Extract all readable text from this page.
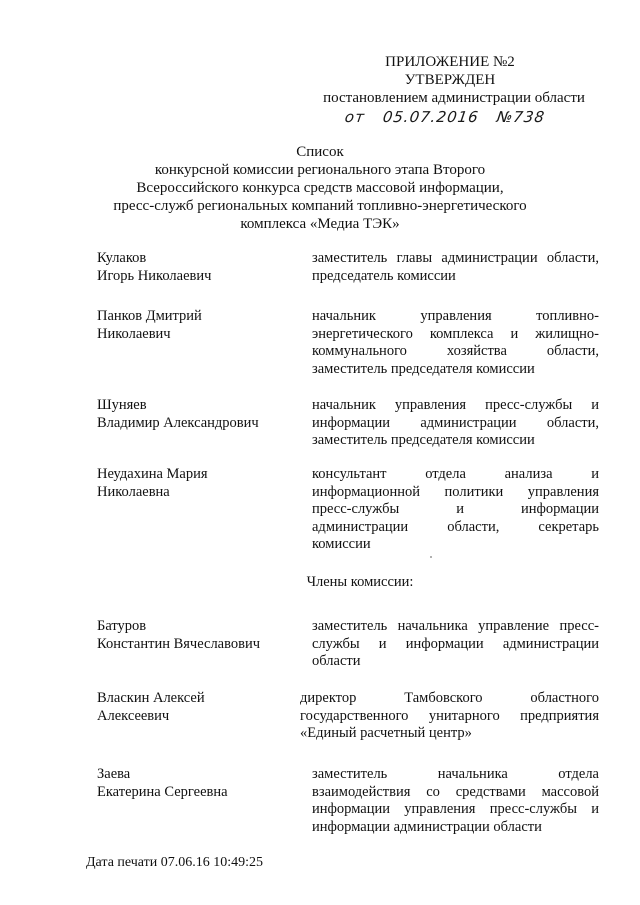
ПРИЛОЖЕНИЕ №2
УТВЕРЖДЕН
постановлением администрации области
от 05.07.2016 №738
Список
конкурсной комиссии регионального этапа Второго
Всероссийского конкурса средств массовой информации,
пресс-служб региональных компаний топливно-энергетического
комплекса «Медиа ТЭК»
Кулаков
Игорь Николаевич
заместитель главы администрации области,
председатель комиссии
Панков Дмитрий
Николаевич
начальник управления топливно-
энергетического комплекса и жилищно-
коммунального хозяйства области,
заместитель председателя комиссии
Шуняев
Владимир Александрович
начальник управления пресс-службы и
информации администрации области,
заместитель председателя комиссии
Неудахина Мария
Николаевна
консультант отдела анализа и
информационной политики управления
пресс-службы и информации
администрации области, секретарь
комиссии
Члены комиссии:
Батуров
Константин Вячеславович
заместитель начальника управление пресс-
службы и информации администрации
области
Власкин Алексей
Алексеевич
директор Тамбовского областного
государственного унитарного предприятия
«Единый расчетный центр»
Заева
Екатерина Сергеевна
заместитель начальника отдела
взаимодействия со средствами массовой
информации управления пресс-службы и
информации администрации области
Дата печати 07.06.16 10:49:25
